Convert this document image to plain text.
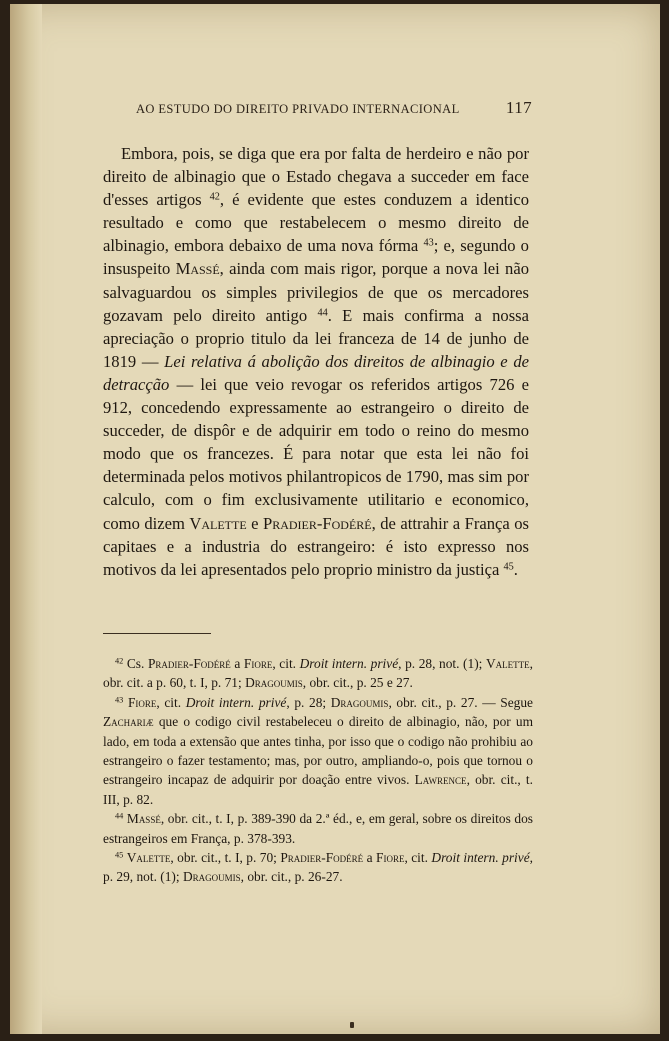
AO ESTUDO DO DIREITO PRIVADO INTERNACIONAL	117

Embora, pois, se diga que era por falta de herdeiro e não por direito de albinagio que o Estado chegava a succeder em face d'esses artigos $^{42}$, é evidente que estes conduzem a identico resultado e como que restabelecem o mesmo direito de albinagio, embora debaixo de uma nova fórma $^{43}$; e, segundo o insuspeito Massé, ainda com mais rigor, porque a nova lei não salvaguardou os simples privilegios de que os mercadores gozavam pelo direito antigo $^{44}$. E mais confirma a nossa apreciação o proprio titulo da lei franceza de 14 de junho de 1819 — Lei relativa á abolição dos direitos de albinagio e de detracção — lei que veio revogar os referidos artigos 726 e 912, concedendo expressamente ao estrangeiro o direito de succeder, de dispôr e de adquirir em todo o reino do mesmo modo que os francezes. É para notar que esta lei não foi determinada pelos motivos philantropicos de 1790, mas sim por calculo, com o fim exclusivamente utilitario e economico, como dizem Valette e Pradier-Fodéré, de attrahir a França os capitaes e a industria do estrangeiro: é isto expresso nos motivos da lei apresentados pelo proprio ministro da justiça $^{45}$.

$^{42}$ Cs. Pradier-Fodéré a Fiore, cit. Droit intern. privé, p. 28, not. (1); Valette, obr. cit. a p. 60, t. I, p. 71; Dragoumis, obr. cit., p. 25 e 27.

$^{43}$ Fiore, cit. Droit intern. privé, p. 28; Dragoumis, obr. cit., p. 27. — Segue Zachariæ que o codigo civil restabeleceu o direito de albinagio, não, por um lado, em toda a extensão que antes tinha, por isso que o codigo não prohibiu ao estrangeiro o fazer testamento; mas, por outro, ampliando-o, pois que tornou o estrangeiro incapaz de adquirir por doação entre vivos. Lawrence, obr. cit., t. III, p. 82.

$^{44}$ Massé, obr. cit., t. I, p. 389-390 da 2.ª éd., e, em geral, sobre os direitos dos estrangeiros em França, p. 378-393.

$^{45}$ Valette, obr. cit., t. I, p. 70; Pradier-Fodéré a Fiore, cit. Droit intern. privé, p. 29, not. (1); Dragoumis, obr. cit., p. 26-27.
